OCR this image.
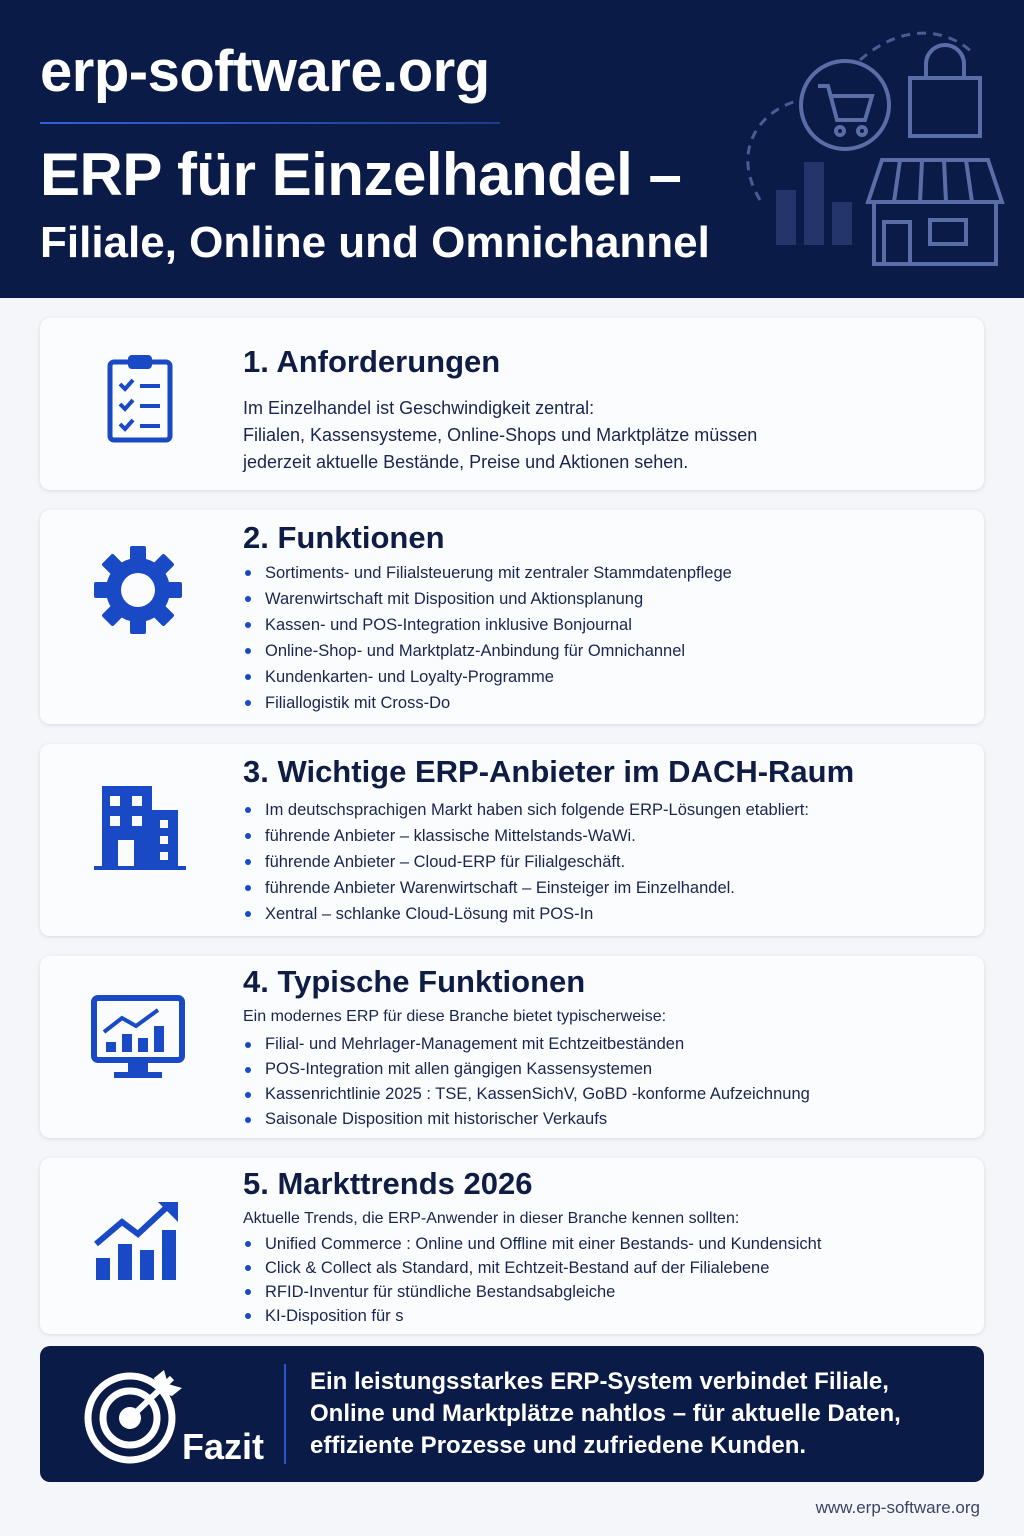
erp-software.org
ERP für Einzelhandel –
Filiale, Online und Omnichannel
1. Anforderungen
Im Einzelhandel ist Geschwindigkeit zentral:
Filialen, Kassensysteme, Online-Shops und Marktplätze müssen
jederzeit aktuelle Bestände, Preise und Aktionen sehen.
2. Funktionen
Sortiments- und Filialsteuerung mit zentraler Stammdatenpflege
Warenwirtschaft mit Disposition und Aktionsplanung
Kassen- und POS-Integration inklusive Bonjournal
Online-Shop- und Marktplatz-Anbindung für Omnichannel
Kundenkarten- und Loyalty-Programme
Filiallogistik mit Cross-Do
3. Wichtige ERP-Anbieter im DACH-Raum
Im deutschsprachigen Markt haben sich folgende ERP-Lösungen etabliert:
führende Anbieter – klassische Mittelstands-WaWi.
führende Anbieter – Cloud-ERP für Filialgeschäft.
führende Anbieter Warenwirtschaft – Einsteiger im Einzelhandel.
Xentral – schlanke Cloud-Lösung mit POS-In
4. Typische Funktionen
Ein modernes ERP für diese Branche bietet typischerweise:
Filial- und Mehrlager-Management mit Echtzeitbeständen
POS-Integration mit allen gängigen Kassensystemen
Kassenrichtlinie 2025 : TSE, KassenSichV, GoBD -konforme Aufzeichnung
Saisonale Disposition mit historischer Verkaufs
5. Markttrends 2026
Aktuelle Trends, die ERP-Anwender in dieser Branche kennen sollten:
Unified Commerce : Online und Offline mit einer Bestands- und Kundensicht
Click & Collect als Standard, mit Echtzeit-Bestand auf der Filialebene
RFID-Inventur für stündliche Bestandsabgleiche
KI-Disposition für s
Fazit
Ein leistungsstarkes ERP-System verbindet Filiale,
Online und Marktplätze nahtlos – für aktuelle Daten,
effiziente Prozesse und zufriedene Kunden.
www.erp-software.org
